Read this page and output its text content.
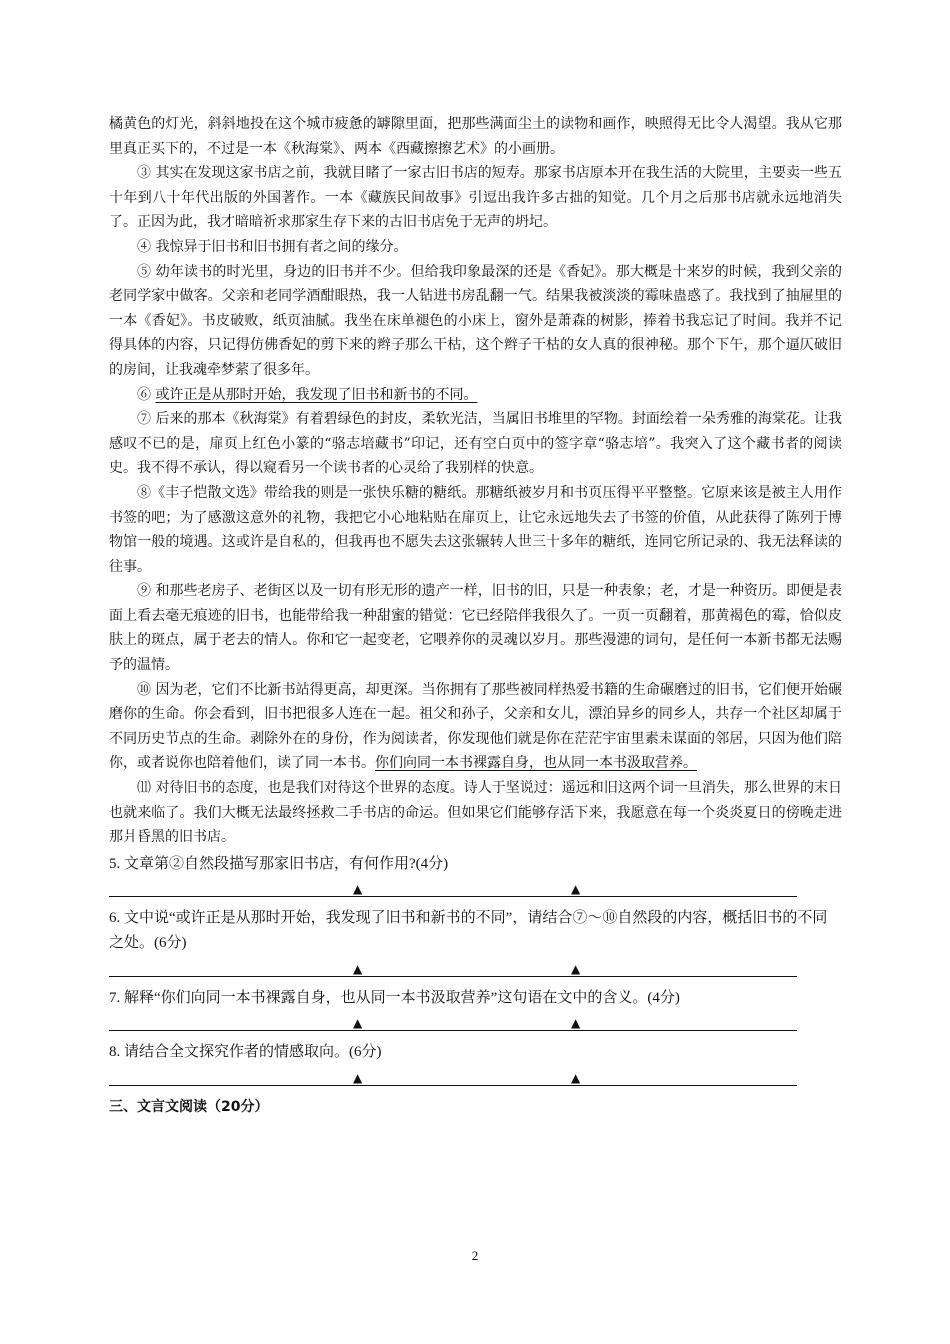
橘黄色的灯光，斜斜地投在这个城市疲惫的罅隙里面，把那些满面尘土的读物和画作，映照得无比令人渴望。我从它那里真正买下的，不过是一本《秋海棠》、两本《西藏擦擦艺术》的小画册。

③ 其实在发现这家书店之前，我就目睹了一家古旧书店的短寿。那家书店原本开在我生活的大院里，主要卖一些五十年到八十年代出版的外国著作。一本《藏族民间故事》引逗出我许多古拙的知觉。几个月之后那书店就永远地消失了。正因为此，我才暗暗祈求那家生存下来的古旧书店免于无声的坍圮。

④ 我惊异于旧书和旧书拥有者之间的缘分。

⑤ 幼年读书的时光里，身边的旧书并不少。但给我印象最深的还是《香妃》。那大概是十来岁的时候，我到父亲的老同学家中做客。父亲和老同学酒酣眼热，我一人钻进书房乱翻一气。结果我被淡淡的霉味蛊惑了。我找到了抽屉里的一本《香妃》。书皮破败，纸页油腻。我坐在床单褪色的小床上，窗外是萧森的树影，捧着书我忘记了时间。我并不记得具体的内容，只记得仿佛香妃的剪下来的辫子那么干枯，这个辫子干枯的女人真的很神秘。那个下午，那个逼仄破旧的房间，让我魂牵梦萦了很多年。

⑥ 或许正是从那时开始，我发现了旧书和新书的不同。

⑦ 后来的那本《秋海棠》有着碧绿色的封皮，柔软光洁，当属旧书堆里的罕物。封面绘着一朵秀雅的海棠花。让我感叹不已的是，扉页上红色小篆的“骆志培藏书”印记，还有空白页中的签字章“骆志培”。我突入了这个藏书者的阅读史。我不得不承认，得以窥看另一个读书者的心灵给了我别样的快意。

⑧《丰子恺散文选》带给我的则是一张快乐糖的糖纸。那糖纸被岁月和书页压得平平整整。它原来该是被主人用作书签的吧；为了感激这意外的礼物，我把它小心地粘贴在扉页上，让它永远地失去了书签的价值，从此获得了陈列于博物馆一般的境遇。这或许是自私的，但我再也不愿失去这张辗转人世三十多年的糖纸，连同它所记录的、我无法释读的往事。

⑨ 和那些老房子、老街区以及一切有形无形的遗产一样，旧书的旧，只是一种表象；老，才是一种资历。即便是表面上看去毫无痕迹的旧书，也能带给我一种甜蜜的错觉：它已经陪伴我很久了。一页一页翻着，那黄褐色的霉，恰似皮肤上的斑点，属于老去的情人。你和它一起变老，它喂养你的灵魂以岁月。那些漫漶的词句，是任何一本新书都无法赐予的温情。

⑩ 因为老，它们不比新书站得更高，却更深。当你拥有了那些被同样热爱书籍的生命碾磨过的旧书，它们便开始碾磨你的生命。你会看到，旧书把很多人连在一起。祖父和孙子，父亲和女儿，漂泊异乡的同乡人，共存一个社区却属于不同历史节点的生命。剥除外在的身份，作为阅读者，你发现他们就是你在茫茫宇宙里素未谋面的邻居，只因为他们陪你，或者说你也陪着他们，读了同一本书。你们向同一本书裸露自身，也从同一本书汲取营养。

⑾ 对待旧书的态度，也是我们对待这个世界的态度。诗人于坚说过：遥远和旧这两个词一旦消失，那么世界的末日也就来临了。我们大概无法最终拯救二手书店的命运。但如果它们能够存活下来，我愿意在每一个炎炎夏日的傍晚走进那爿昏黑的旧书店。

5. 文章第②自然段描写那家旧书店，有何作用?(4分)

▲	▲

6. 文中说“或许正是从那时开始，我发现了旧书和新书的不同”，请结合⑦～⑩自然段的内容，概括旧书的不同之处。(6分)

▲	▲

7. 解释“你们向同一本书裸露自身，也从同一本书汲取营养”这句语在文中的含义。(4分)

▲	▲

8. 请结合全文探究作者的情感取向。(6分)

▲	▲

三、文言文阅读（20分）

2
